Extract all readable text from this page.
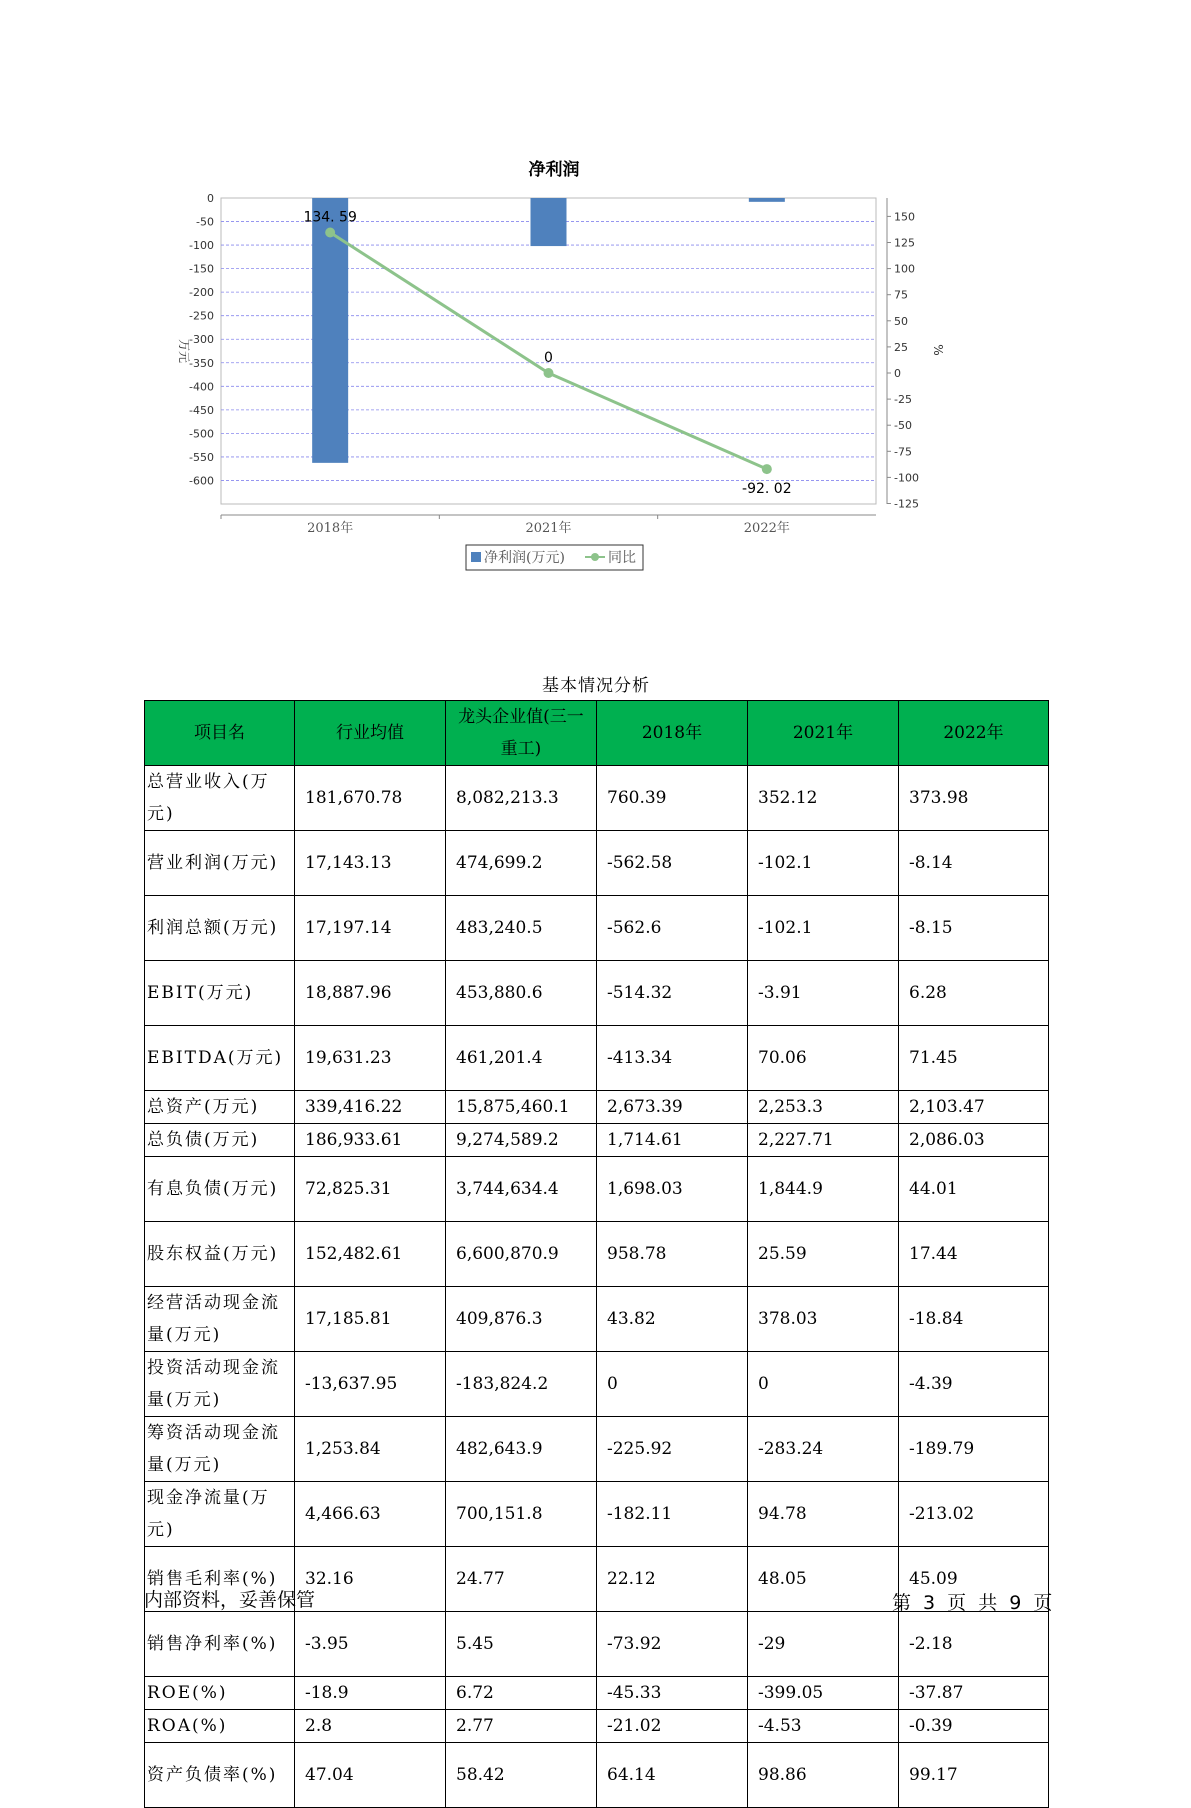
0
-50
-100
-150
-200
-250
-300
-350
-400
-450
-500
-550
-600
150
125
100
75
50
25
0
-25
-50
-75
-100
-125
万元	%
净利润
2018年	2021年	2022年
134. 59
0
-92. 02
净利润(万元)	同比
基本情况分析
项目名	行业均值	龙头企业值(三一重工)	2018年	2021年	2022年
总营业收入(万元)	181,670.78	8,082,213.3	760.39	352.12	373.98
营业利润(万元)	17,143.13	474,699.2	-562.58	-102.1	-8.14
利润总额(万元)	17,197.14	483,240.5	-562.6	-102.1	-8.15
EBIT(万元)	18,887.96	453,880.6	-514.32	-3.91	6.28
EBITDA(万元)	19,631.23	461,201.4	-413.34	70.06	71.45
总资产(万元)	339,416.22	15,875,460.1	2,673.39	2,253.3	2,103.47
总负债(万元)	186,933.61	9,274,589.2	1,714.61	2,227.71	2,086.03
有息负债(万元)	72,825.31	3,744,634.4	1,698.03	1,844.9	44.01
股东权益(万元)	152,482.61	6,600,870.9	958.78	25.59	17.44
经营活动现金流量(万元)	17,185.81	409,876.3	43.82	378.03	-18.84
投资活动现金流量(万元)	-13,637.95	-183,824.2	0	0	-4.39
筹资活动现金流量(万元)	1,253.84	482,643.9	-225.92	-283.24	-189.79
现金净流量(万元)	4,466.63	700,151.8	-182.11	94.78	-213.02
销售毛利率(%)	32.16	24.77	22.12	48.05	45.09
销售净利率(%)	-3.95	5.45	-73.92	-29	-2.18
ROE(%)	-18.9	6.72	-45.33	-399.05	-37.87
ROA(%)	2.8	2.77	-21.02	-4.53	-0.39
资产负债率(%)	47.04	58.42	64.14	98.86	99.17
内部资料，妥善保管	第 3 页 共 9 页
